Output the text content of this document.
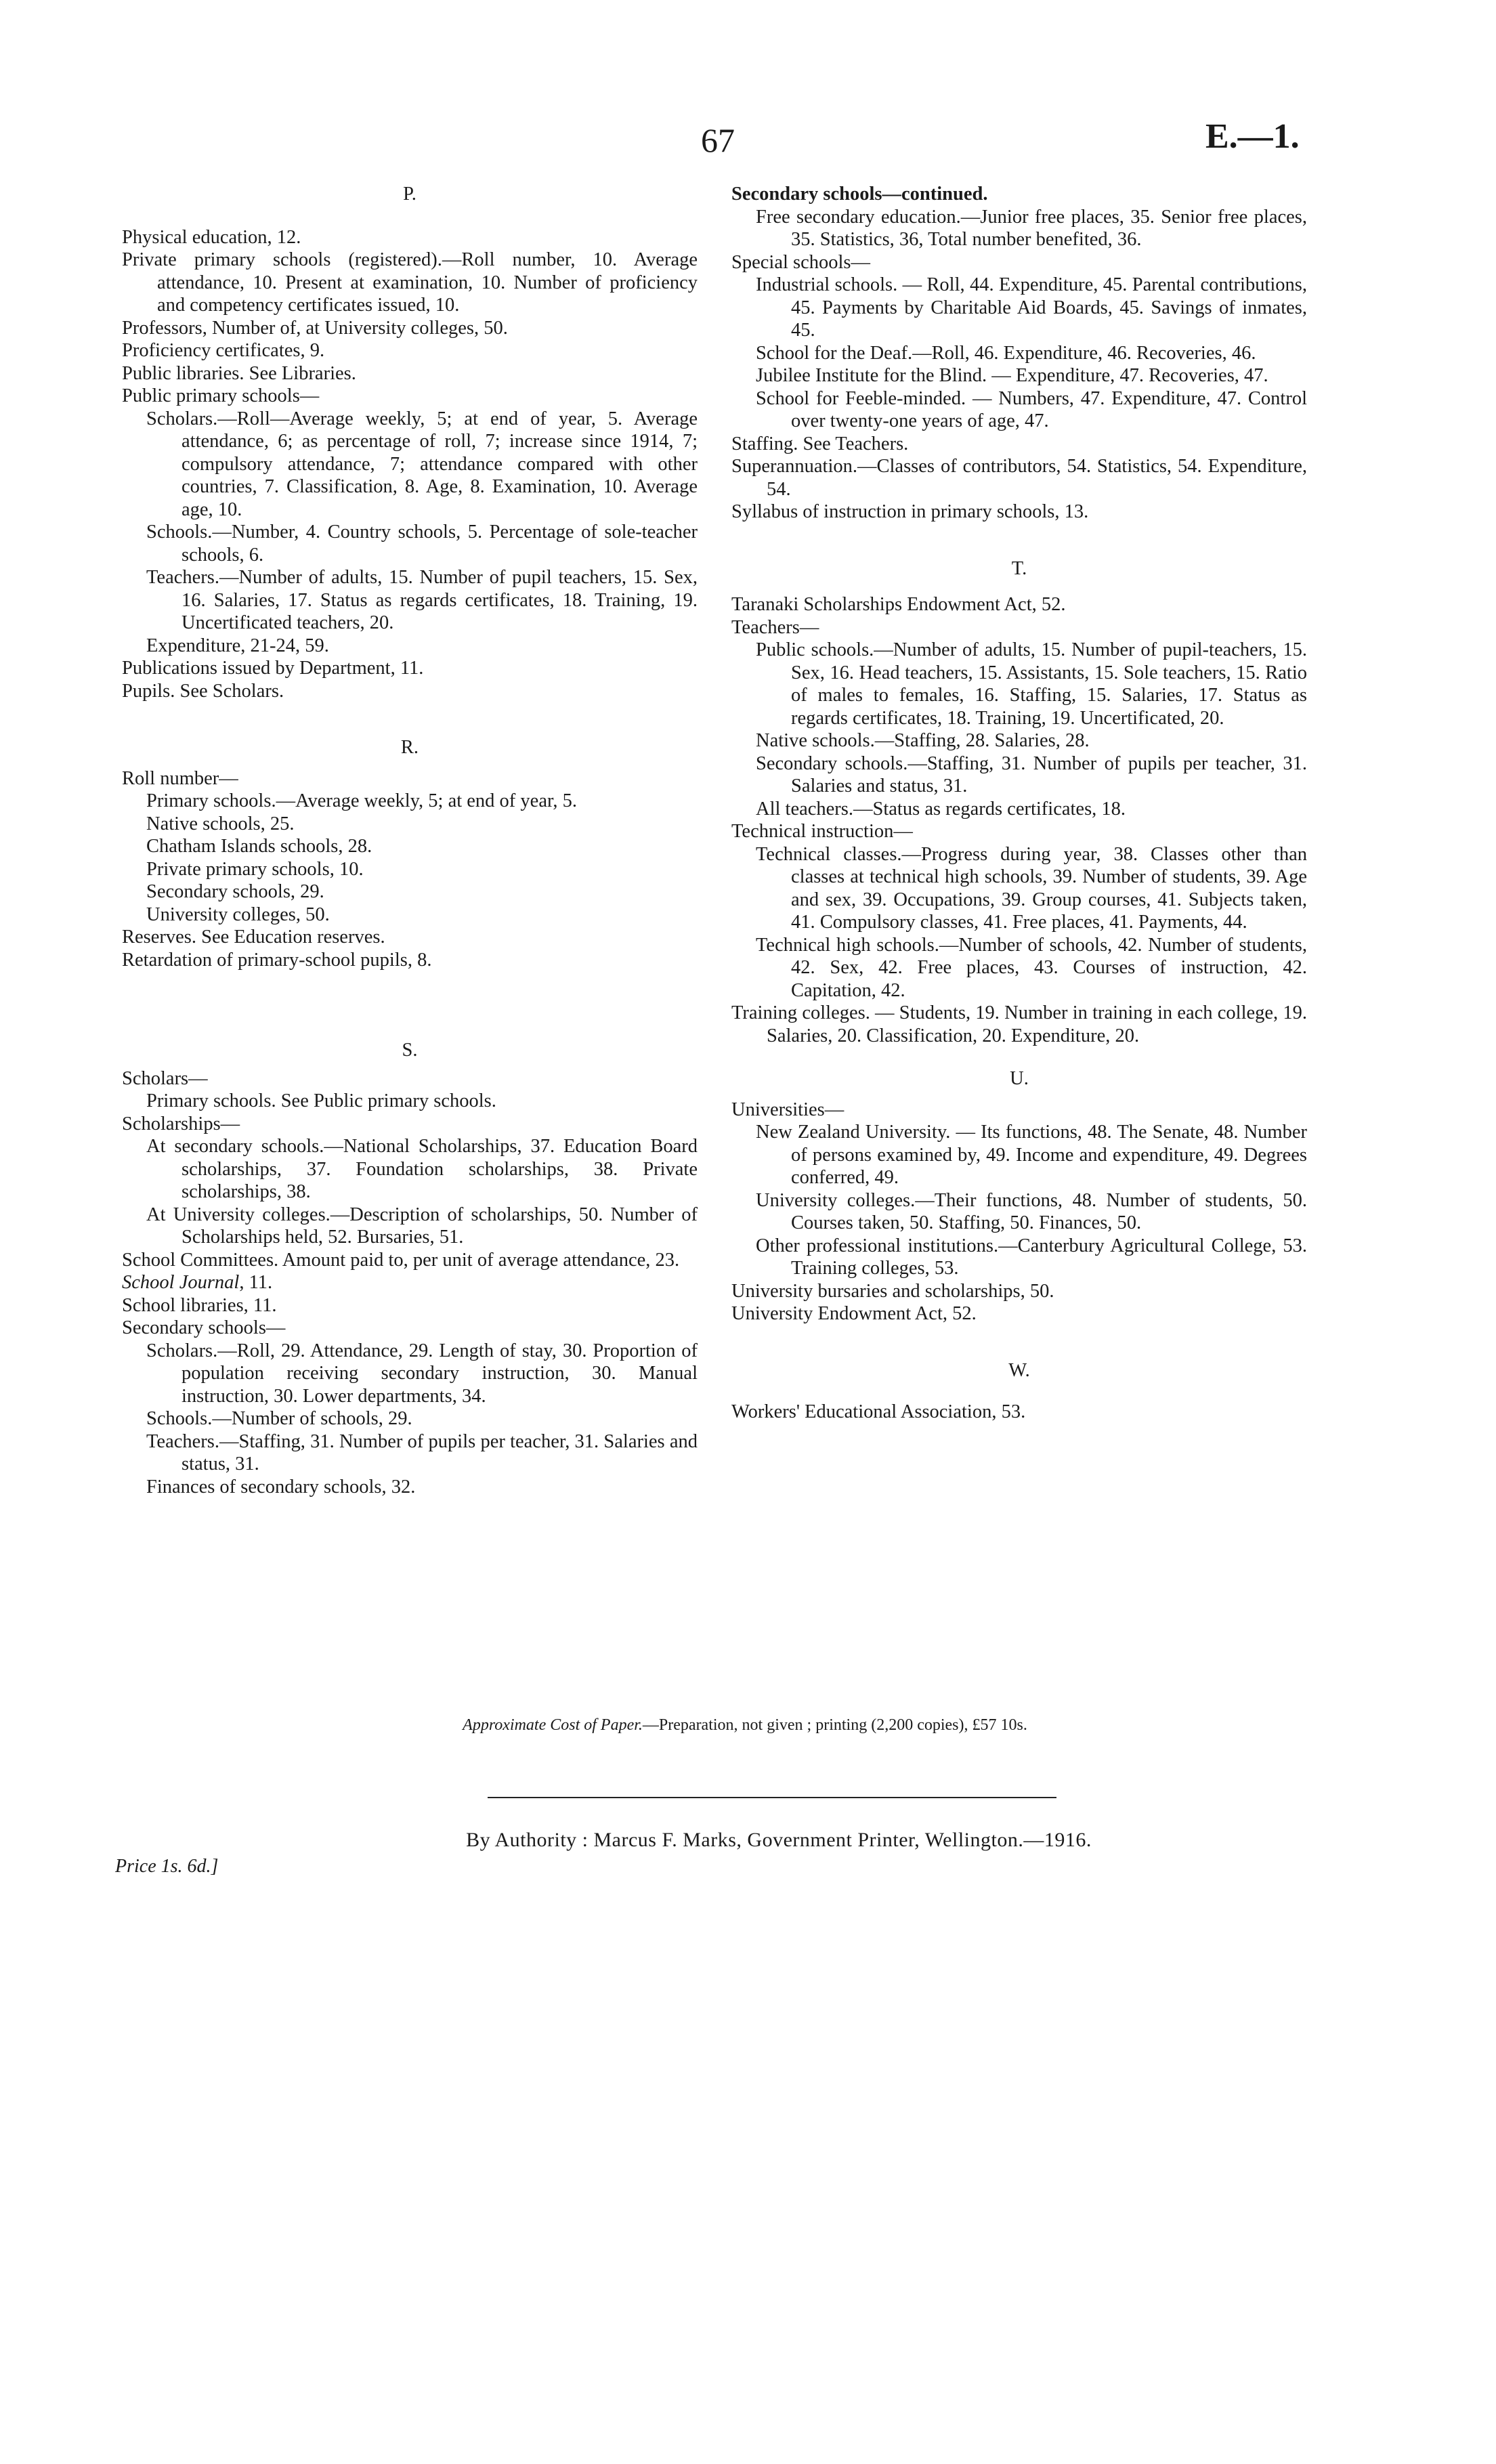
67	E.—1.
P.
Physical education, 12.
Private primary schools (registered).—Roll number, 10. Average attendance, 10. Present at examination, 10. Number of proficiency and competency certificates issued, 10.
Professors, Number of, at University colleges, 50.
Proficiency certificates, 9.
Public libraries. See Libraries.
Public primary schools—
Scholars.—Roll—Average weekly, 5; at end of year, 5. Average attendance, 6; as percentage of roll, 7; increase since 1914, 7; compulsory attendance, 7; attendance compared with other countries, 7. Classification, 8. Age, 8. Examination, 10. Average age, 10.
Schools.—Number, 4. Country schools, 5. Percentage of sole-teacher schools, 6.
Teachers.—Number of adults, 15. Number of pupil teachers, 15. Sex, 16. Salaries, 17. Status as regards certificates, 18. Training, 19. Uncertificated teachers, 20.
Expenditure, 21-24, 59.
Publications issued by Department, 11.
Pupils. See Scholars.
R.
Roll number—
Primary schools.—Average weekly, 5; at end of year, 5.
Native schools, 25.
Chatham Islands schools, 28.
Private primary schools, 10.
Secondary schools, 29.
University colleges, 50.
Reserves. See Education reserves.
Retardation of primary-school pupils, 8.
S.
Scholars—
Primary schools. See Public primary schools.
Scholarships—
At secondary schools.—National Scholarships, 37. Education Board scholarships, 37. Foundation scholarships, 38. Private scholarships, 38.
At University colleges.—Description of scholarships, 50. Number of Scholarships held, 52. Bursaries, 51.
School Committees. Amount paid to, per unit of average attendance, 23.
School Journal, 11.
School libraries, 11.
Secondary schools—
Scholars.—Roll, 29. Attendance, 29. Length of stay, 30. Proportion of population receiving secondary instruction, 30. Manual instruction, 30. Lower departments, 34.
Schools.—Number of schools, 29.
Teachers.—Staffing, 31. Number of pupils per teacher, 31. Salaries and status, 31.
Finances of secondary schools, 32.
Secondary schools—continued.
Free secondary education.—Junior free places, 35. Senior free places, 35. Statistics, 36, Total number benefited, 36.
Special schools—
Industrial schools. — Roll, 44. Expenditure, 45. Parental contributions, 45. Payments by Charitable Aid Boards, 45. Savings of inmates, 45.
School for the Deaf.—Roll, 46. Expenditure, 46. Recoveries, 46.
Jubilee Institute for the Blind. — Expenditure, 47. Recoveries, 47.
School for Feeble-minded. — Numbers, 47. Expenditure, 47. Control over twenty-one years of age, 47.
Staffing. See Teachers.
Superannuation.—Classes of contributors, 54. Statistics, 54. Expenditure, 54.
Syllabus of instruction in primary schools, 13.
T.
Taranaki Scholarships Endowment Act, 52.
Teachers—
Public schools.—Number of adults, 15. Number of pupil-teachers, 15. Sex, 16. Head teachers, 15. Assistants, 15. Sole teachers, 15. Ratio of males to females, 16. Staffing, 15. Salaries, 17. Status as regards certificates, 18. Training, 19. Uncertificated, 20.
Native schools.—Staffing, 28. Salaries, 28.
Secondary schools.—Staffing, 31. Number of pupils per teacher, 31. Salaries and status, 31.
All teachers.—Status as regards certificates, 18.
Technical instruction—
Technical classes.—Progress during year, 38. Classes other than classes at technical high schools, 39. Number of students, 39. Age and sex, 39. Occupations, 39. Group courses, 41. Subjects taken, 41. Compulsory classes, 41. Free places, 41. Payments, 44.
Technical high schools.—Number of schools, 42. Number of students, 42. Sex, 42. Free places, 43. Courses of instruction, 42. Capitation, 42.
Training colleges. — Students, 19. Number in training in each college, 19. Salaries, 20. Classification, 20. Expenditure, 20.
U.
Universities—
New Zealand University. — Its functions, 48. The Senate, 48. Number of persons examined by, 49. Income and expenditure, 49. Degrees conferred, 49.
University colleges.—Their functions, 48. Number of students, 50. Courses taken, 50. Staffing, 50. Finances, 50.
Other professional institutions.—Canterbury Agricultural College, 53. Training colleges, 53.
University bursaries and scholarships, 50.
University Endowment Act, 52.
W.
Workers' Educational Association, 53.
Approximate Cost of Paper.—Preparation, not given ; printing (2,200 copies), £57 10s.
By Authority : Marcus F. Marks, Government Printer, Wellington.—1916.
Price 1s. 6d.]
